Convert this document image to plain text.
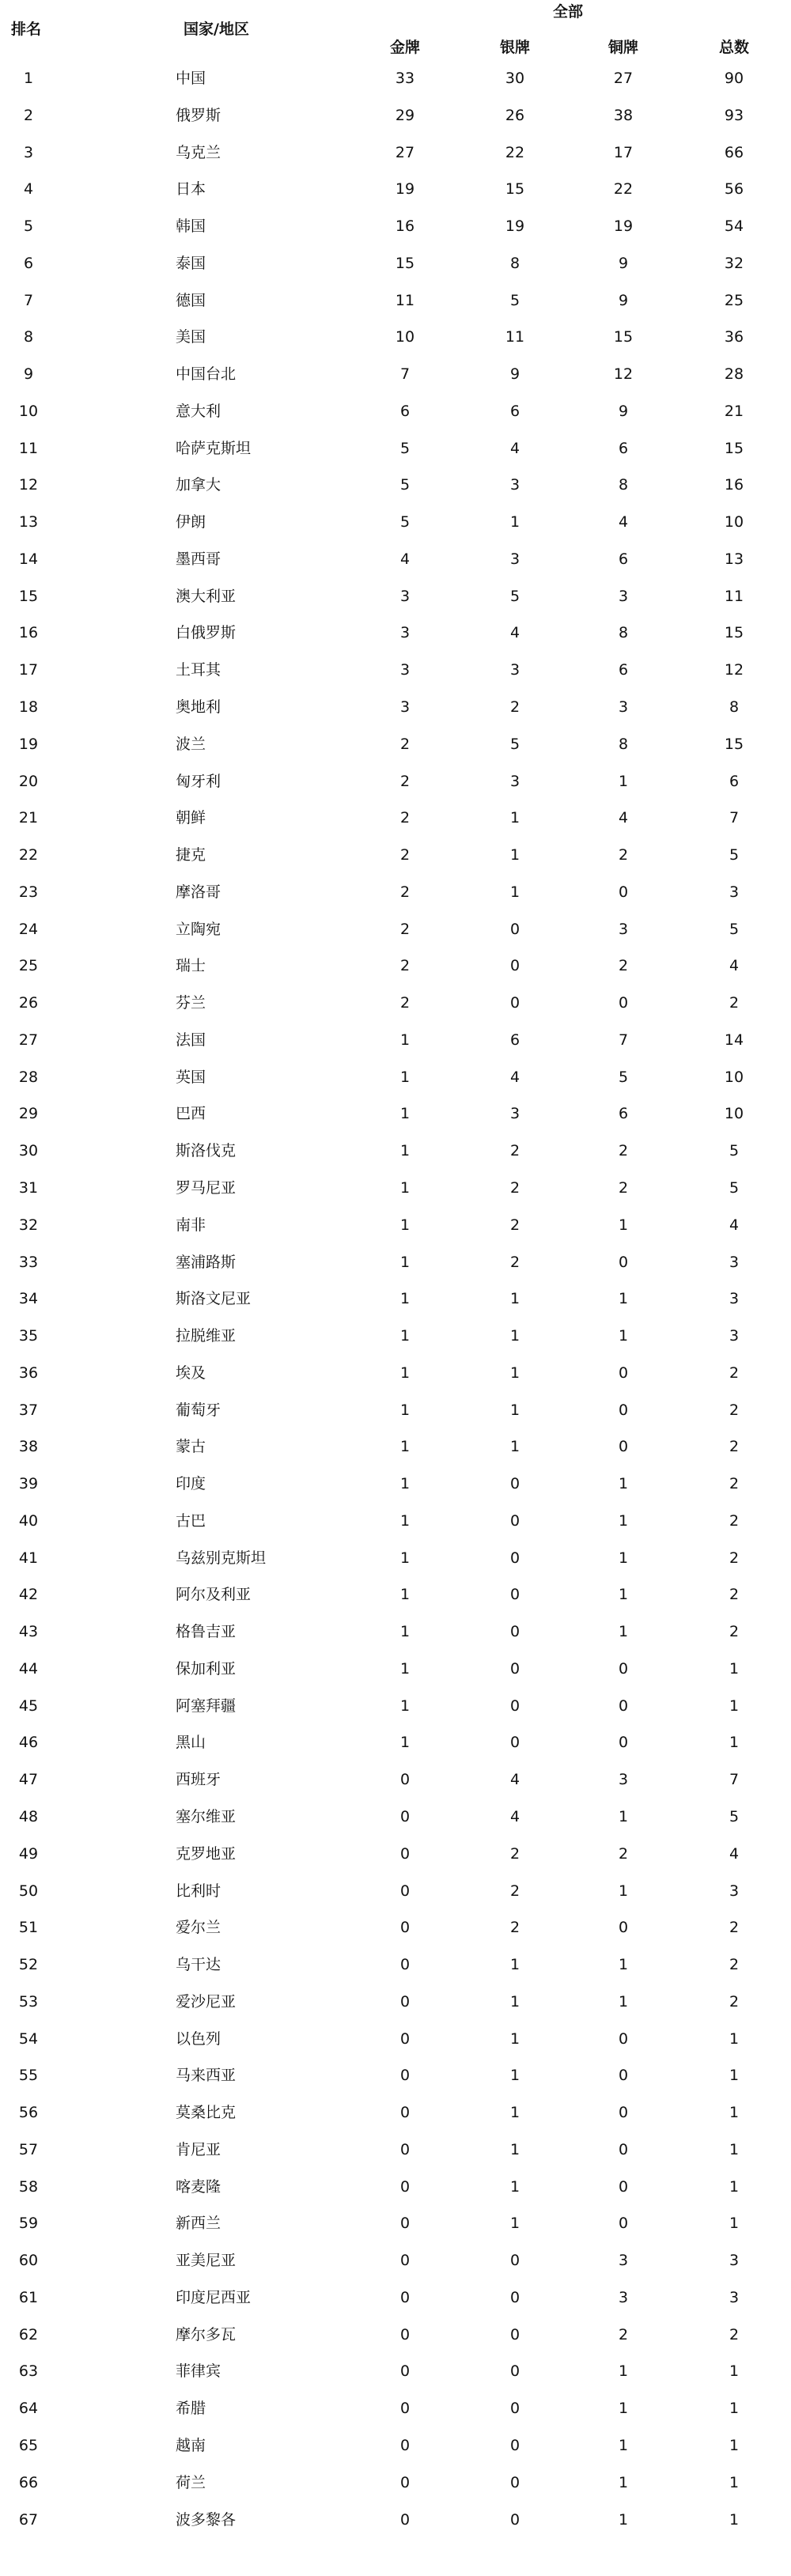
排名	国家/地区
全部
金牌	银牌	铜牌	总数
1	中国	33	30	27	90
2	俄罗斯	29	26	38	93
3	乌克兰	27	22	17	66
4	日本	19	15	22	56
5	韩国	16	19	19	54
6	泰国	15	8	9	32
7	德国	11	5	9	25
8	美国	10	11	15	36
9	中国台北	7	9	12	28
10	意大利	6	6	9	21
11	哈萨克斯坦	5	4	6	15
12	加拿大	5	3	8	16
13	伊朗	5	1	4	10
14	墨西哥	4	3	6	13
15	澳大利亚	3	5	3	11
16	白俄罗斯	3	4	8	15
17	土耳其	3	3	6	12
18	奥地利	3	2	3	8
19	波兰	2	5	8	15
20	匈牙利	2	3	1	6
21	朝鲜	2	1	4	7
22	捷克	2	1	2	5
23	摩洛哥	2	1	0	3
24	立陶宛	2	0	3	5
25	瑞士	2	0	2	4
26	芬兰	2	0	0	2
27	法国	1	6	7	14
28	英国	1	4	5	10
29	巴西	1	3	6	10
30	斯洛伐克	1	2	2	5
31	罗马尼亚	1	2	2	5
32	南非	1	2	1	4
33	塞浦路斯	1	2	0	3
34	斯洛文尼亚	1	1	1	3
35	拉脱维亚	1	1	1	3
36	埃及	1	1	0	2
37	葡萄牙	1	1	0	2
38	蒙古	1	1	0	2
39	印度	1	0	1	2
40	古巴	1	0	1	2
41	乌兹别克斯坦	1	0	1	2
42	阿尔及利亚	1	0	1	2
43	格鲁吉亚	1	0	1	2
44	保加利亚	1	0	0	1
45	阿塞拜疆	1	0	0	1
46	黑山	1	0	0	1
47	西班牙	0	4	3	7
48	塞尔维亚	0	4	1	5
49	克罗地亚	0	2	2	4
50	比利时	0	2	1	3
51	爱尔兰	0	2	0	2
52	乌干达	0	1	1	2
53	爱沙尼亚	0	1	1	2
54	以色列	0	1	0	1
55	马来西亚	0	1	0	1
56	莫桑比克	0	1	0	1
57	肯尼亚	0	1	0	1
58	喀麦隆	0	1	0	1
59	新西兰	0	1	0	1
60	亚美尼亚	0	0	3	3
61	印度尼西亚	0	0	3	3
62	摩尔多瓦	0	0	2	2
63	菲律宾	0	0	1	1
64	希腊	0	0	1	1
65	越南	0	0	1	1
66	荷兰	0	0	1	1
67	波多黎各	0	0	1	1
